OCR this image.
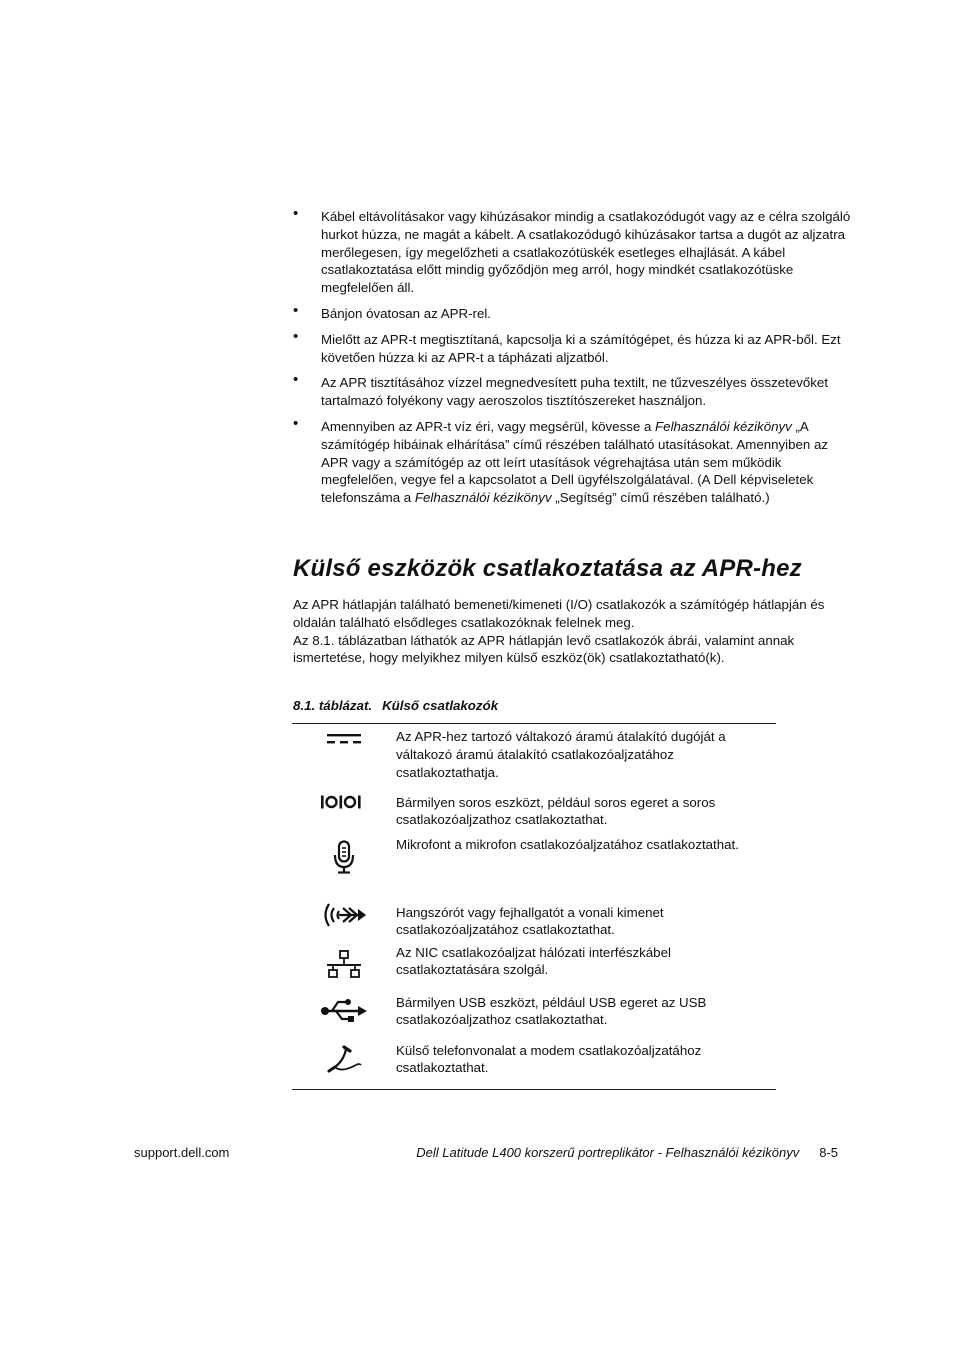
• Kábel eltávolításakor vagy kihúzásakor mindig a csatlakozódugót vagy az e célra szolgáló hurkot húzza, ne magát a kábelt. A csatlakozódugó kihúzásakor tartsa a dugót az aljzatra merőlegesen, így megelőzheti a csatlakozótüskék esetleges elhajlását. A kábel csatlakoztatása előtt mindig győződjön meg arról, hogy mindkét csatlakozótüske megfelelően áll.
• Bánjon óvatosan az APR-rel.
• Mielőtt az APR-t megtisztítaná, kapcsolja ki a számítógépet, és húzza ki az APR-ből. Ezt követően húzza ki az APR-t a tápházati aljzatból.
• Az APR tisztításához vízzel megnedvesített puha textilt, ne tűzveszélyes összetevőket tartalmazó folyékony vagy aeroszolos tisztítószereket használjon.
• Amennyiben az APR-t víz éri, vagy megsérül, kövesse a Felhasználói kézikönyv „A számítógép hibáinak elhárítása” című részében található utasításokat. Amennyiben az APR vagy a számítógép az ott leírt utasítások végrehajtása után sem működik megfelelően, vegye fel a kapcsolatot a Dell ügyfélszolgálatával. (A Dell képviseletek telefonszáma a Felhasználói kézikönyv „Segítség” című részében található.)
Külső eszközök csatlakoztatása az APR-hez

Az APR hátlapján található bemeneti/kimeneti (I/O) csatlakozók a számítógép hátlapján és oldalán található elsődleges csatlakozóknak felelnek meg.
Az 8.1. táblázatban láthatók az APR hátlapján levő csatlakozók ábrái, valamint annak ismertetése, hogy melyikhez milyen külső eszköz(ök) csatlakoztatható(k).

8.1. táblázat. Külső csatlakozók

	Az APR-hez tartozó váltakozó áramú átalakító dugóját a váltakozó áramú átalakító csatlakozóaljzatához csatlakoztathatja.

	Bármilyen soros eszközt, például soros egeret a soros csatlakozóaljzathoz csatlakoztathat.

	Mikrofont a mikrofon csatlakozóaljzatához csatlakoztathat.

	Hangszórót vagy fejhallgatót a vonali kimenet csatlakozóaljzatához csatlakoztathat.

	Az NIC csatlakozóaljzat hálózati interfészkábel csatlakoztatására szolgál.

	Bármilyen USB eszközt, például USB egeret az USB csatlakozóaljzathoz csatlakoztathat.

	Külső telefonvonalat a modem csatlakozóaljzatához csatlakoztathat.
support.dell.com	Dell Latitude L400 korszerű portreplikátor - Felhasználói kézikönyv 8-5
